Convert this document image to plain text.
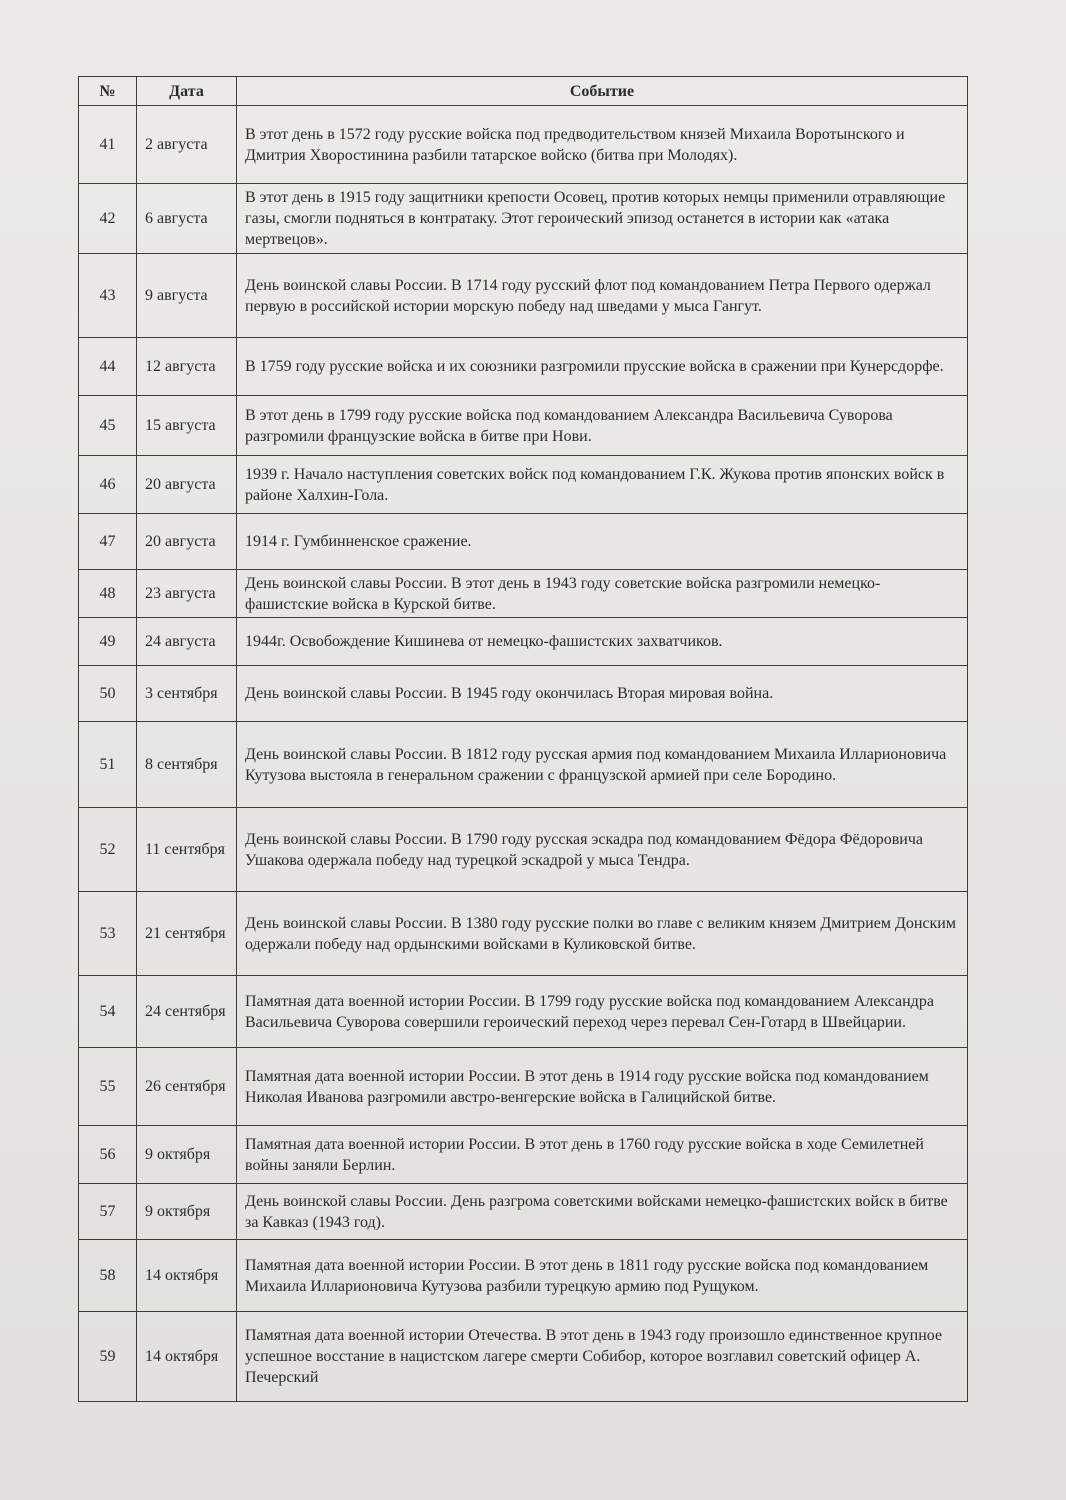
№	Дата	Событие
41	2 августа	В этот день в 1572 году русские войска под предводительством князей Михаила Воротынского и Дмитрия Хворостинина разбили татарское войско (битва при Молодях).
42	6 августа	В этот день в 1915 году защитники крепости Осовец, против которых немцы применили отравляющие газы, смогли подняться в контратаку. Этот героический эпизод останется в истории как «атака мертвецов».
43	9 августа	День воинской славы России. В 1714 году русский флот под командованием Петра Первого одержал первую в российской истории морскую победу над шведами у мыса Гангут.
44	12 августа	В 1759 году русские войска и их союзники разгромили прусские войска в сражении при Кунерсдорфе.
45	15 августа	В этот день в 1799 году русские войска под командованием Александра Васильевича Суворова разгромили французские войска в битве при Нови.
46	20 августа	1939 г. Начало наступления советских войск под командованием Г.К. Жукова против японских войск в районе Халхин-Гола.
47	20 августа	1914 г. Гумбинненское сражение.
48	23 августа	День воинской славы России. В этот день в 1943 году советские войска разгромили немецко-фашистские войска в Курской битве.
49	24 августа	1944г. Освобождение Кишинева от немецко-фашистских захватчиков.
50	3 сентября	День воинской славы России. В 1945 году окончилась Вторая мировая война.
51	8 сентября	День воинской славы России. В 1812 году русская армия под командованием Михаила Илларионовича Кутузова выстояла в генеральном сражении с французской армией при селе Бородино.
52	11 сентября	День воинской славы России. В 1790 году русская эскадра под командованием Фёдора Фёдоровича Ушакова одержала победу над турецкой эскадрой у мыса Тендра.
53	21 сентября	День воинской славы России. В 1380 году русские полки во главе с великим князем Дмитрием Донским одержали победу над ордынскими войсками в Куликовской битве.
54	24 сентября	Памятная дата военной истории России. В 1799 году русские войска под командованием Александра Васильевича Суворова совершили героический переход через перевал Сен-Готард в Швейцарии.
55	26 сентября	Памятная дата военной истории России. В этот день в 1914 году русские войска под командованием Николая Иванова разгромили австро-венгерские войска в Галицийской битве.
56	9 октября	Памятная дата военной истории России. В этот день в 1760 году русские войска в ходе Семилетней войны заняли Берлин.
57	9 октября	День воинской славы России. День разгрома советскими войсками немецко-фашистских войск в битве за Кавказ (1943 год).
58	14 октября	Памятная дата военной истории России. В этот день в 1811 году русские войска под командованием Михаила Илларионовича Кутузова разбили турецкую армию под Рущуком.
59	14 октября	Памятная дата военной истории Отечества. В этот день в 1943 году произошло единственное крупное успешное восстание в нацистском лагере смерти Собибор, которое возглавил советский офицер А. Печерский
